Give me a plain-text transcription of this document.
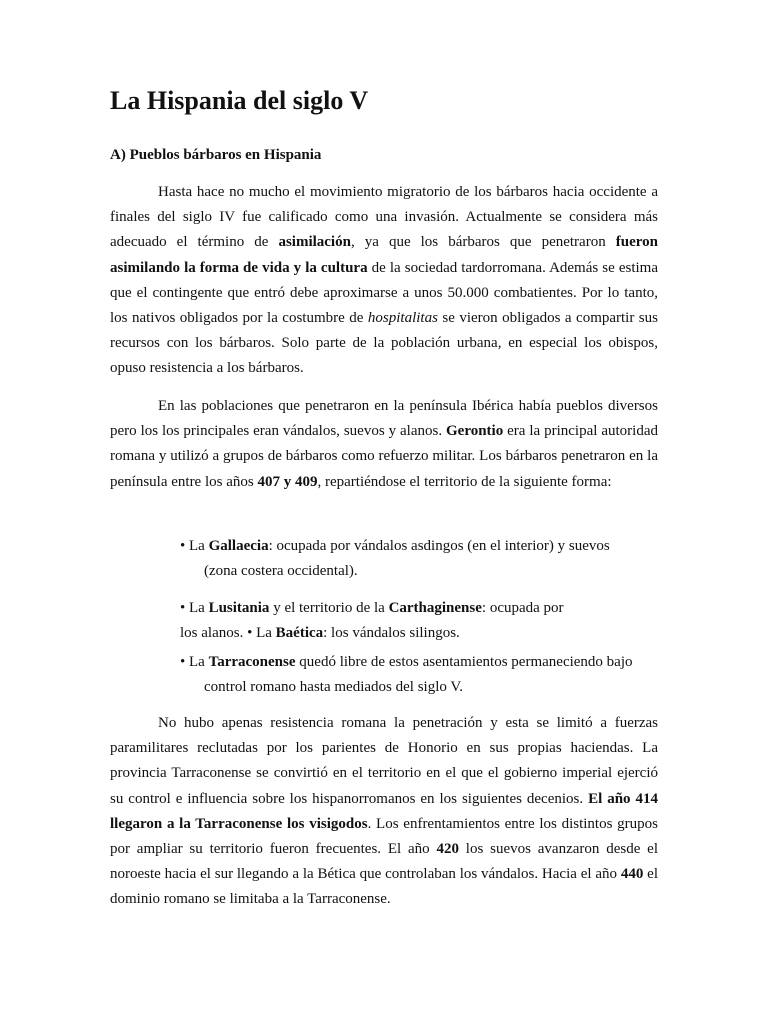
La Hispania del siglo V
A) Pueblos bárbaros en Hispania

Hasta hace no mucho el movimiento migratorio de los bárbaros hacia occidente a finales del siglo IV fue calificado como una invasión. Actualmente se considera más adecuado el término de asimilación, ya que los bárbaros que penetraron fueron asimilando la forma de vida y la cultura de la sociedad tardorromana. Además se estima que el contingente que entró debe aproximarse a unos 50.000 combatientes. Por lo tanto, los nativos obligados por la costumbre de hospitalitas se vieron obligados a compartir sus recursos con los bárbaros. Solo parte de la población urbana, en especial los obispos, opuso resistencia a los bárbaros.

En las poblaciones que penetraron en la península Ibérica había pueblos diversos pero los los principales eran vándalos, suevos y alanos. Gerontio era la principal autoridad romana y utilizó a grupos de bárbaros como refuerzo militar. Los bárbaros penetraron en la península entre los años 407 y 409, repartiéndose el territorio de la siguiente forma:

• La Gallaecia: ocupada por vándalos asdingos (en el interior) y suevos
(zona costera occidental).
• La Lusitania y el territorio de la Carthaginense: ocupada por
los alanos. • La Baética: los vándalos silingos.
• La Tarraconense quedó libre de estos asentamientos permaneciendo bajo
control romano hasta mediados del siglo V.

No hubo apenas resistencia romana la penetración y esta se limitó a fuerzas paramilitares reclutadas por los parientes de Honorio en sus propias haciendas. La provincia Tarraconense se convirtió en el territorio en el que el gobierno imperial ejerció su control e influencia sobre los hispanorromanos en los siguientes decenios. El año 414 llegaron a la Tarraconense los visigodos. Los enfrentamientos entre los distintos grupos por ampliar su territorio fueron frecuentes. El año 420 los suevos avanzaron desde el noroeste hacia el sur llegando a la Bética que controlaban los vándalos. Hacia el año 440 el dominio romano se limitaba a la Tarraconense.
